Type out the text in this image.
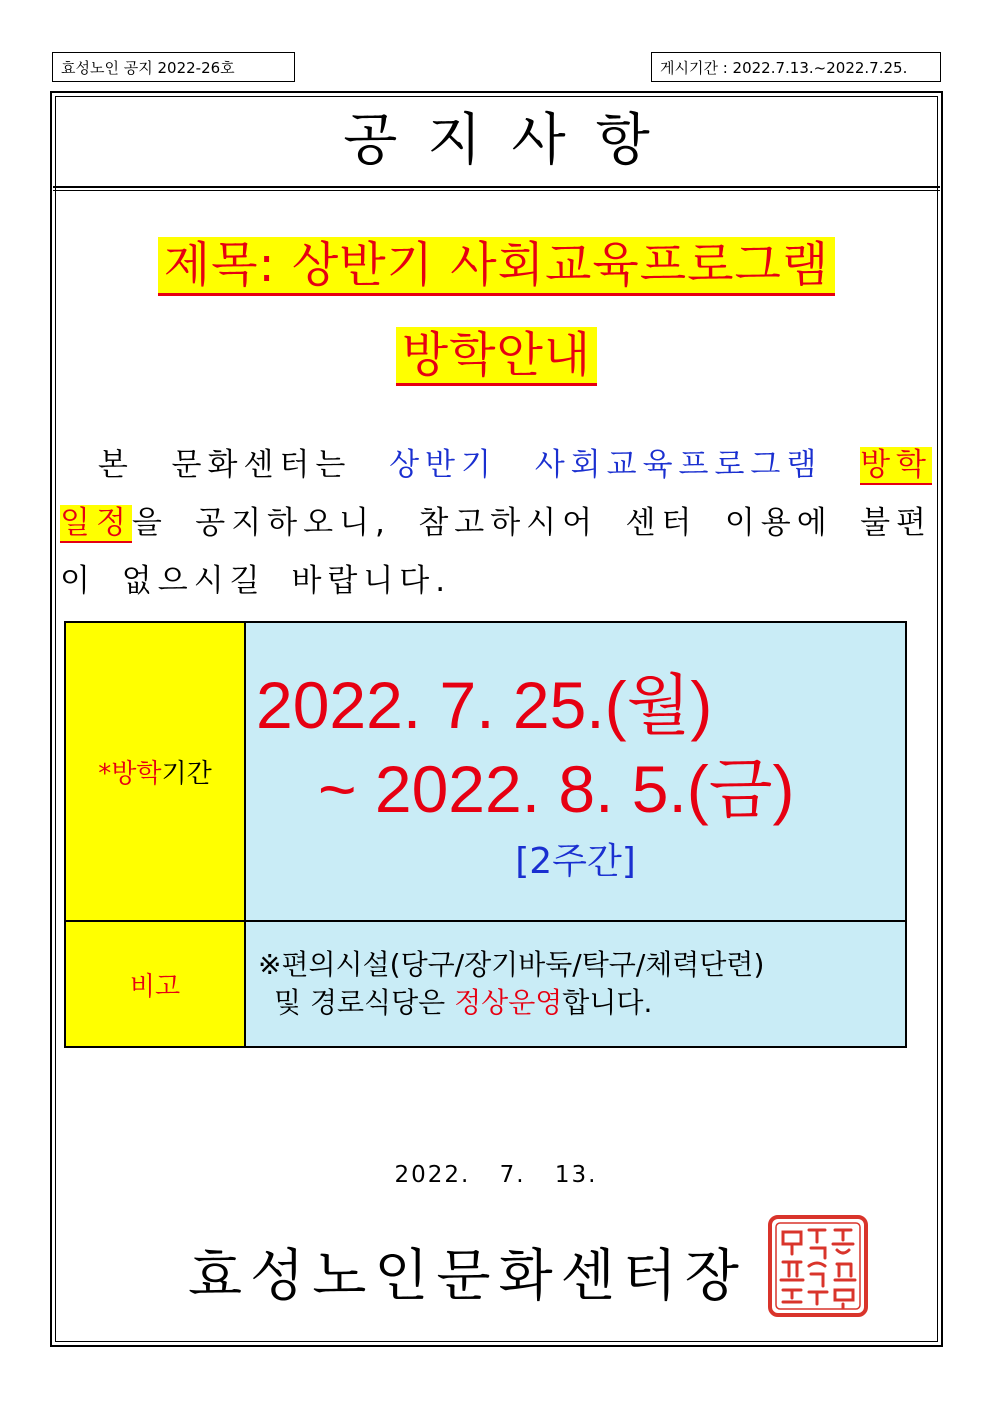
효성노인 공지 2022-26호	게시기간 : 2022.7.13.~2022.7.25.
공지사항
제목: 상반기 사회교육프로그램
방학안내
본 문화센터는 상반기 사회교육프로그램 방학 일정을 공지하오니, 참고하시어 센터 이용에 불편이 없으시길 바랍니다.
*방학기간	2022. 7. 25.(월)
~ 2022. 8. 5.(금)
[2주간]

비고	※편의시설(당구/장기바둑/탁구/체력단련)
및 경로식당은 정상운영합니다.
2022. 7. 13.
효성노인문화센터장
